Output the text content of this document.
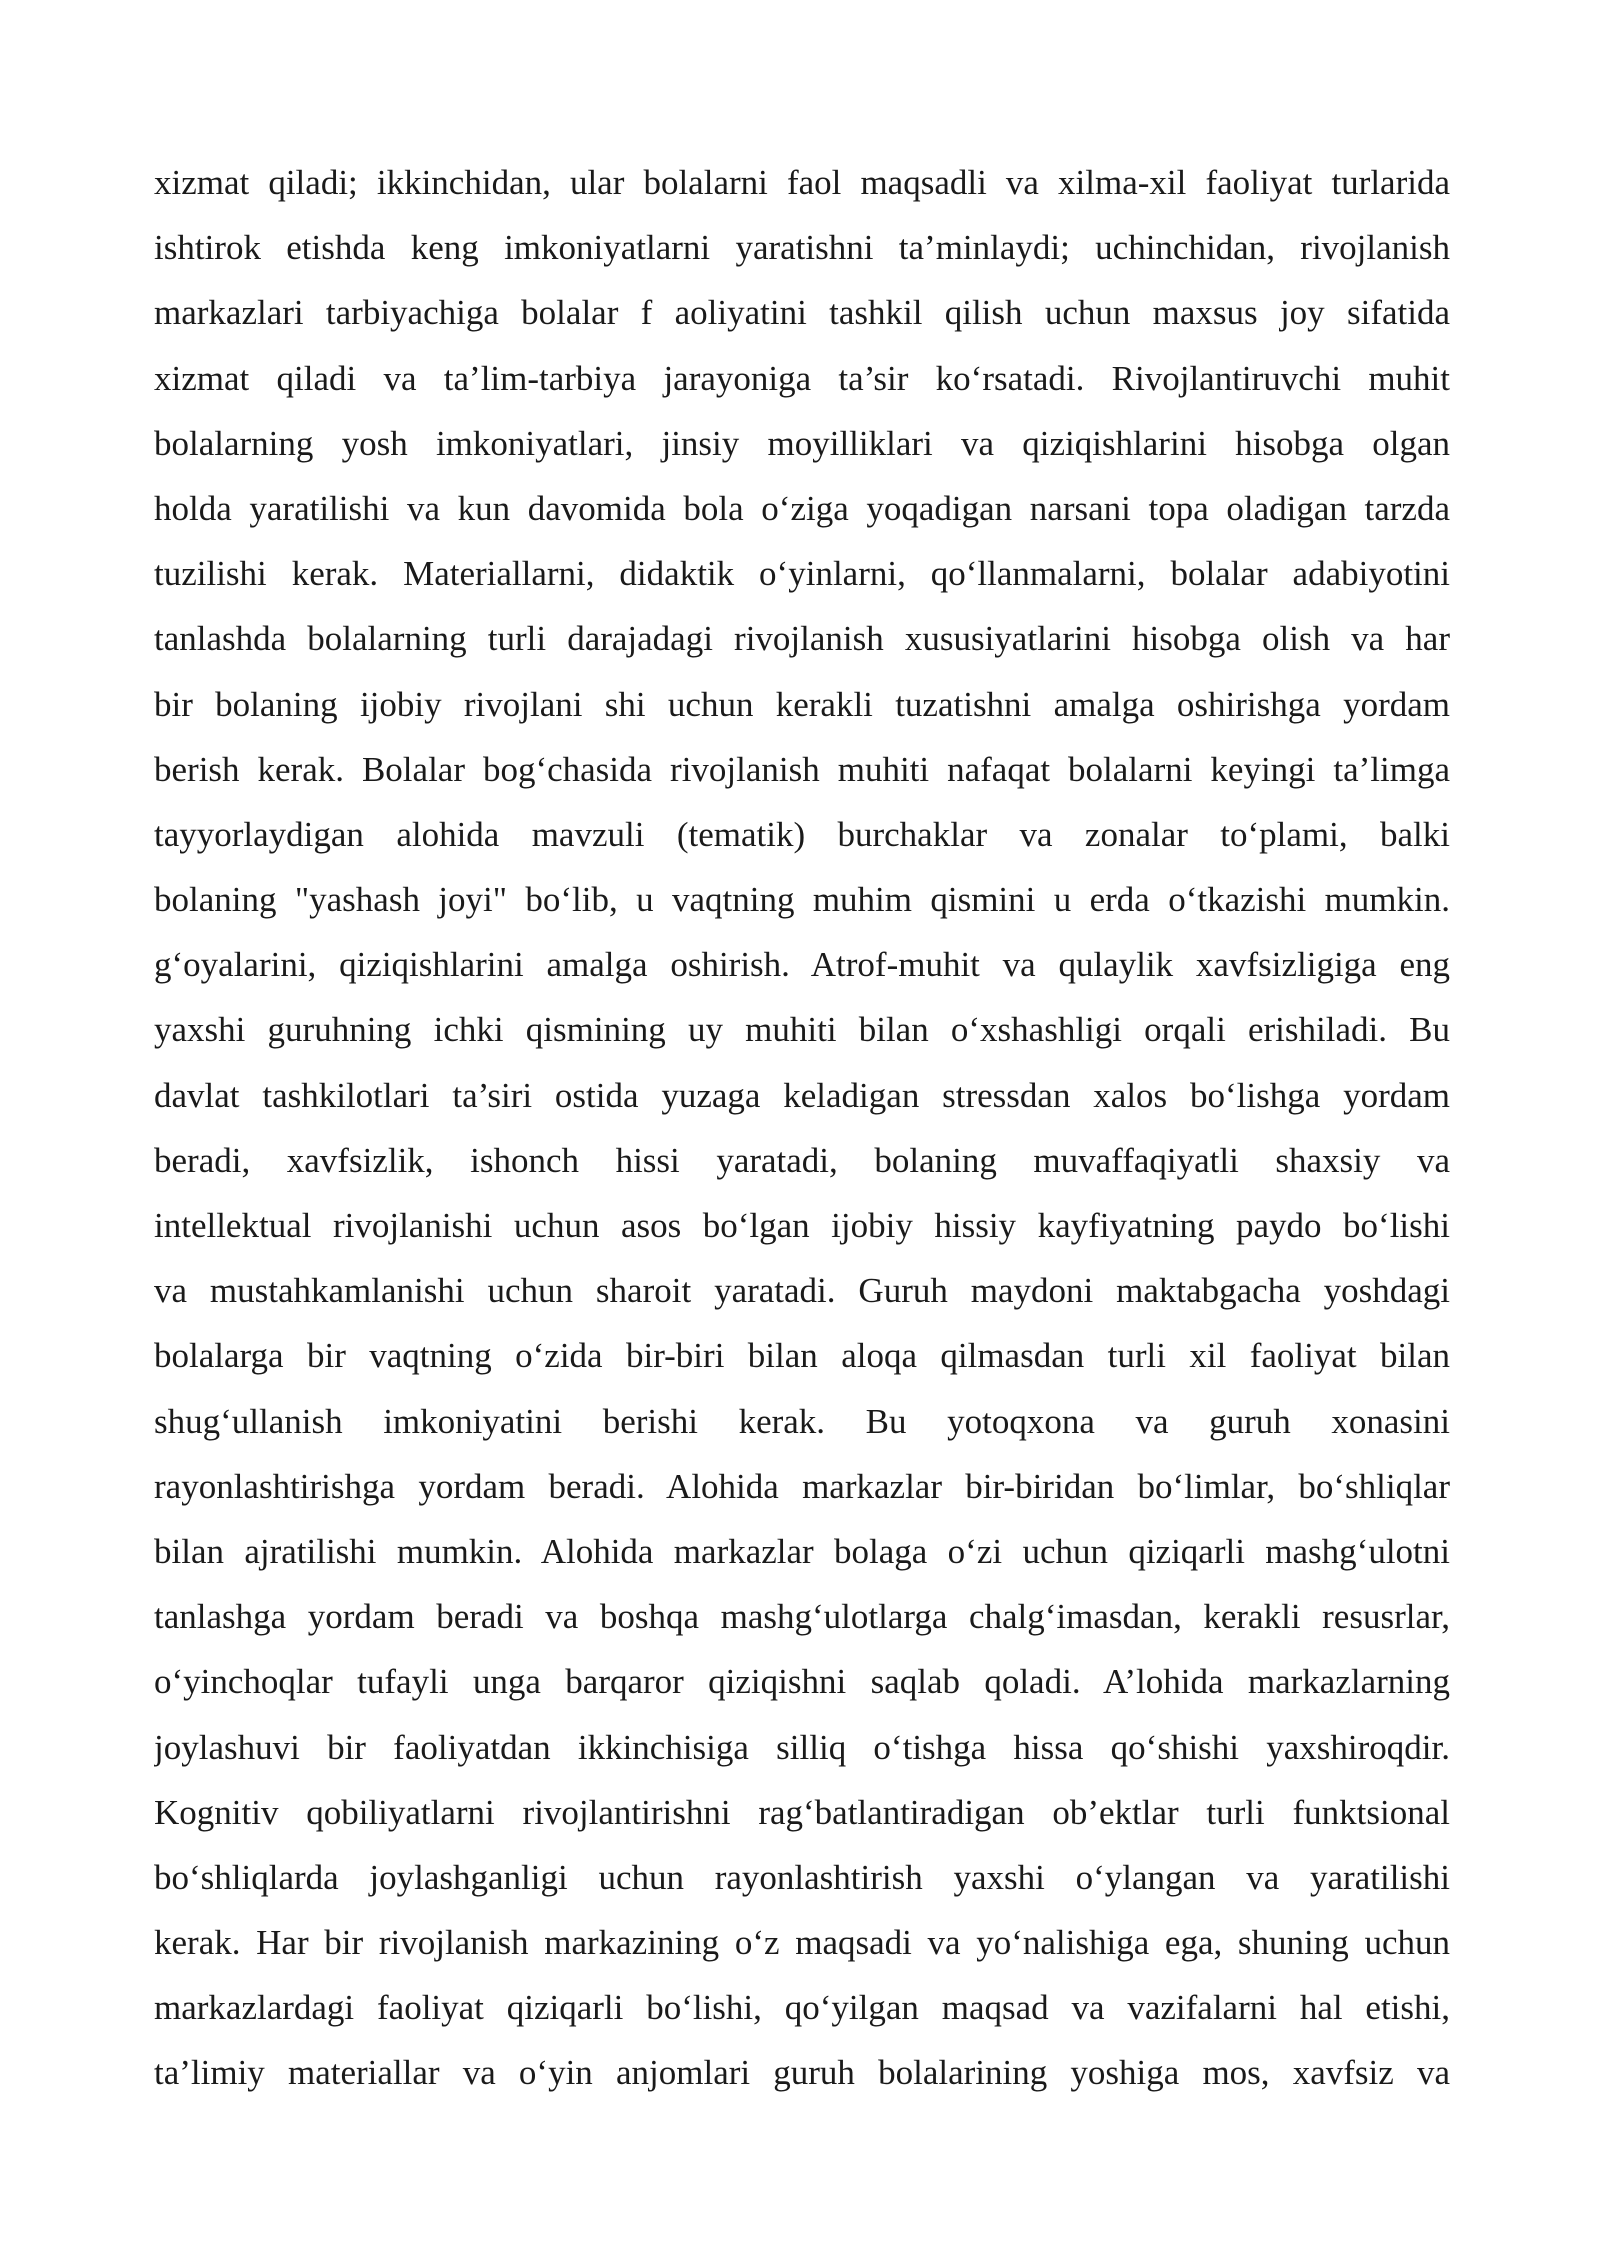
xizmat qiladi; ikkinchidan, ular bolalarni faol maqsadli va xilma-xil faoliyat turlarida
ishtirok etishda keng imkoniyatlarni yaratishni ta’minlaydi; uchinchidan, rivojlanish
markazlari tarbiyachiga bolalar f aoliyatini tashkil qilish uchun maxsus joy sifatida
xizmat qiladi va ta’lim-tarbiya jarayoniga ta’sir ko‘rsatadi. Rivojlantiruvchi muhit
bolalarning yosh imkoniyatlari, jinsiy moyilliklari va qiziqishlarini hisobga olgan
holda yaratilishi va kun davomida bola o‘ziga yoqadigan narsani topa oladigan tarzda
tuzilishi kerak. Materiallarni, didaktik o‘yinlarni, qo‘llanmalarni, bolalar adabiyotini
tanlashda bolalarning turli darajadagi rivojlanish xususiyatlarini hisobga olish va har
bir bolaning ijobiy rivojlani shi uchun kerakli tuzatishni amalga oshirishga yordam
berish kerak. Bolalar bog‘chasida rivojlanish muhiti nafaqat bolalarni keyingi ta’limga
tayyorlaydigan alohida mavzuli (tematik) burchaklar va zonalar to‘plami, balki
bolaning "yashash joyi" bo‘lib, u vaqtning muhim qismini u erda o‘tkazishi mumkin.
g‘oyalarini, qiziqishlarini amalga oshirish. Atrof-muhit va qulaylik xavfsizligiga eng
yaxshi guruhning ichki qismining uy muhiti bilan o‘xshashligi orqali erishiladi. Bu
davlat tashkilotlari ta’siri ostida yuzaga keladigan stressdan xalos bo‘lishga yordam
beradi, xavfsizlik, ishonch hissi yaratadi, bolaning muvaffaqiyatli shaxsiy va
intellektual rivojlanishi uchun asos bo‘lgan ijobiy hissiy kayfiyatning paydo bo‘lishi
va mustahkamlanishi uchun sharoit yaratadi. Guruh maydoni maktabgacha yoshdagi
bolalarga bir vaqtning o‘zida bir-biri bilan aloqa qilmasdan turli xil faoliyat bilan
shug‘ullanish imkoniyatini berishi kerak. Bu yotoqxona va guruh xonasini
rayonlashtirishga yordam beradi. Alohida markazlar bir-biridan bo‘limlar, bo‘shliqlar
bilan ajratilishi mumkin. Alohida markazlar bolaga o‘zi uchun qiziqarli mashg‘ulotni
tanlashga yordam beradi va boshqa mashg‘ulotlarga chalg‘imasdan, kerakli resusrlar,
o‘yinchoqlar tufayli unga barqaror qiziqishni saqlab qoladi. A’lohida markazlarning
joylashuvi bir faoliyatdan ikkinchisiga silliq o‘tishga hissa qo‘shishi yaxshiroqdir.
Kognitiv qobiliyatlarni rivojlantirishni rag‘batlantiradigan ob’ektlar turli funktsional
bo‘shliqlarda joylashganligi uchun rayonlashtirish yaxshi o‘ylangan va yaratilishi
kerak. Har bir rivojlanish markazining o‘z maqsadi va yo‘nalishiga ega, shuning uchun
markazlardagi faoliyat qiziqarli bo‘lishi, qo‘yilgan maqsad va vazifalarni hal etishi,
ta’limiy materiallar va o‘yin anjomlari guruh bolalarining yoshiga mos, xavfsiz va
